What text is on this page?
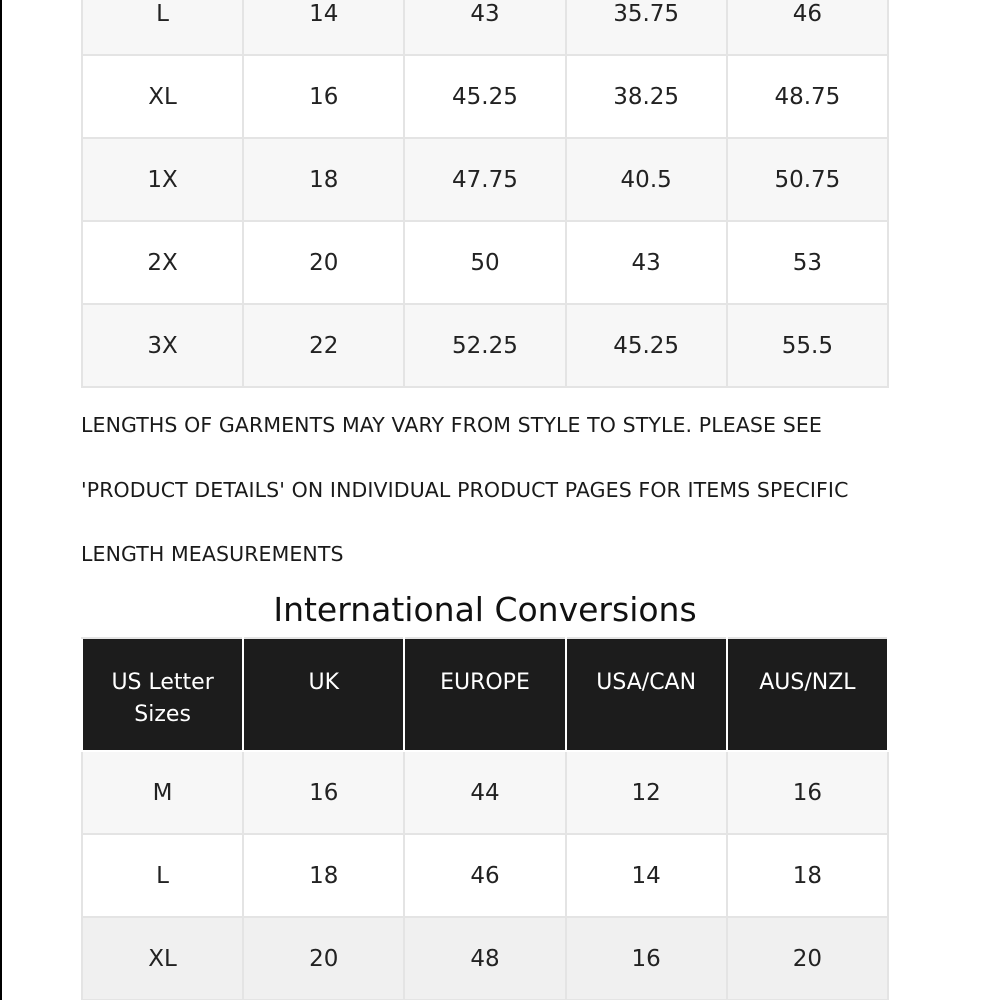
L	14	43	35.75	46
XL	16	45.25	38.25	48.75
1X	18	47.75	40.5	50.75
2X	20	50	43	53
3X	22	52.25	45.25	55.5
LENGTHS OF GARMENTS MAY VARY FROM STYLE TO STYLE. PLEASE SEE
'PRODUCT DETAILS' ON INDIVIDUAL PRODUCT PAGES FOR ITEMS SPECIFIC
LENGTH MEASUREMENTS
International Conversions
US Letter Sizes	UK	EUROPE	USA/CAN	AUS/NZL
M	16	44	12	16
L	18	46	14	18
XL	20	48	16	20
